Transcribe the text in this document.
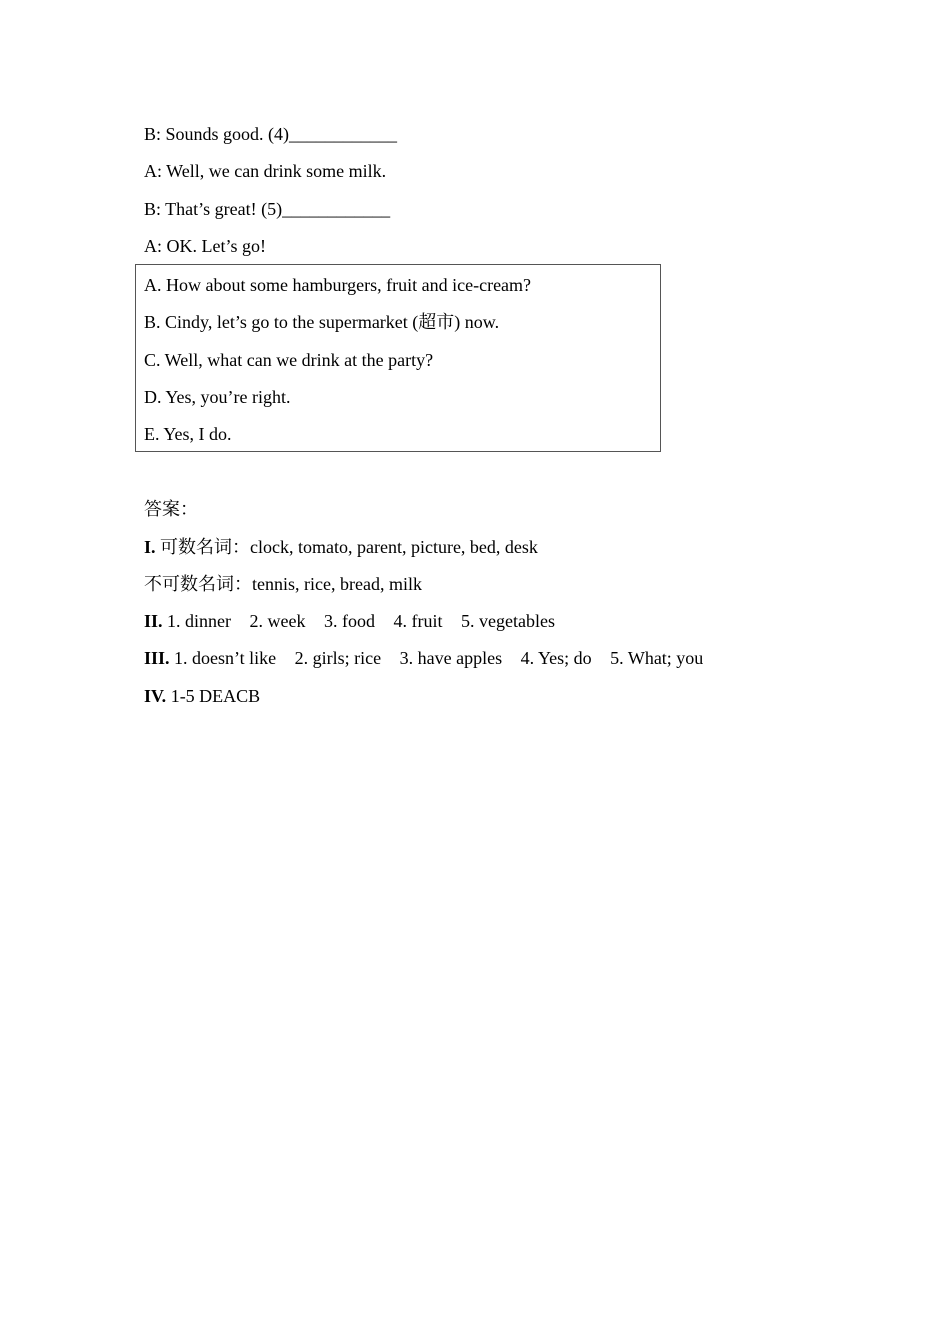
B: Sounds good. (4)____________
A: Well, we can drink some milk.
B: That’s great! (5)____________
A: OK. Let’s go!
A. How about some hamburgers, fruit and ice-cream?
B. Cindy, let’s go to the supermarket (超市) now.
C. Well, what can we drink at the party?
D. Yes, you’re right.
E. Yes, I do.
答案：
I. 可数名词：clock, tomato, parent, picture, bed, desk
不可数名词：tennis, rice, bread, milk
II. 1. dinner 2. week 3. food 4. fruit 5. vegetables
III. 1. doesn’t like 2. girls; rice 3. have apples 4. Yes; do 5. What; you
IV. 1-5 DEACB
